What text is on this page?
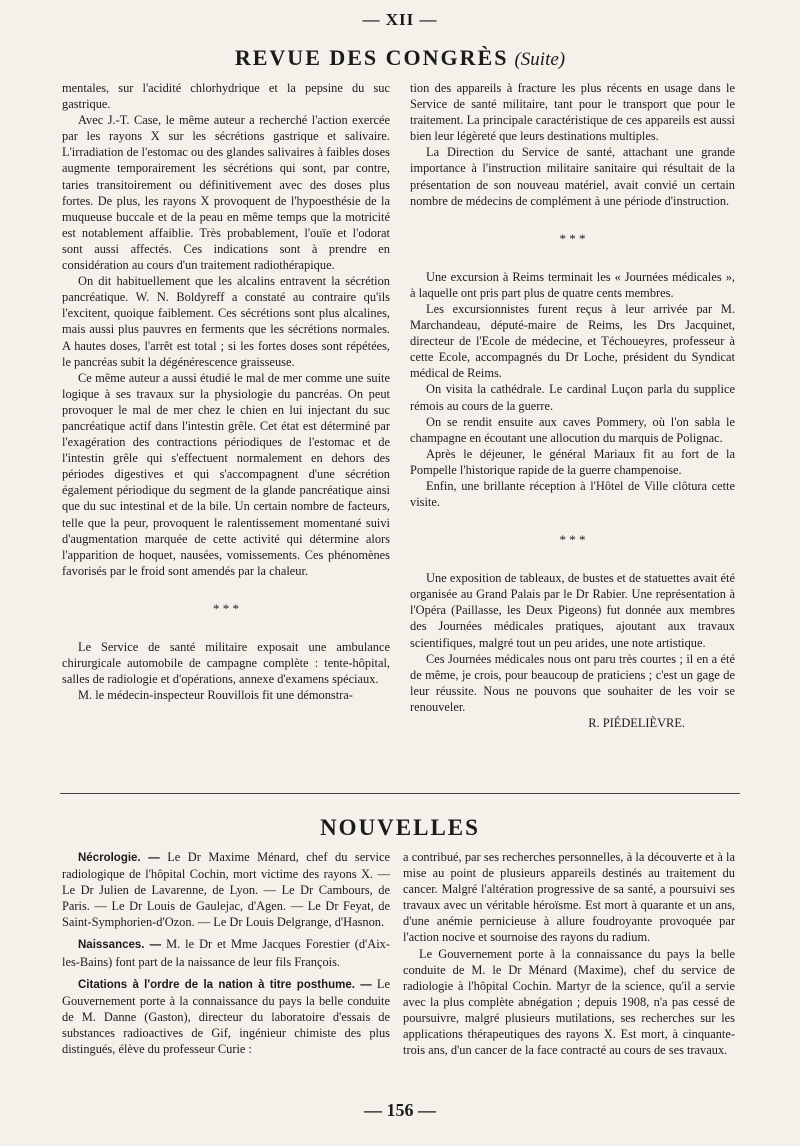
— XII —
REVUE DES CONGRÈS (Suite)

mentales, sur l'acidité chlorhydrique et la pepsine du suc gastrique.

Avec J.-T. Case, le même auteur a recherché l'action exercée par les rayons X sur les sécrétions gastrique et salivaire. L'irradiation de l'estomac ou des glandes salivaires à faibles doses augmente temporairement les sécrétions qui sont, par contre, taries transitoirement ou définitivement avec des doses plus fortes. De plus, les rayons X provoquent de l'hypoesthésie de la muqueuse buccale et de la peau en même temps que la motricité est notablement affaiblie. Très probablement, l'ouïe et l'odorat sont aussi affectés. Ces indications sont à prendre en considération au cours d'un traitement radiothérapique.

On dit habituellement que les alcalins entravent la sécrétion pancréatique. W. N. Boldyreff a constaté au contraire qu'ils l'excitent, quoique faiblement. Ces sécrétions sont plus alcalines, mais aussi plus pauvres en ferments que les sécrétions normales. A hautes doses, l'arrêt est total ; si les fortes doses sont répétées, le pancréas subit la dégénérescence graisseuse.

Ce même auteur a aussi étudié le mal de mer comme une suite logique à ses travaux sur la physiologie du pancréas. On peut provoquer le mal de mer chez le chien en lui injectant du suc pancréatique actif dans l'intestin grêle. Cet état est déterminé par l'exagération des contractions périodiques de l'estomac et de l'intestin grêle qui s'effectuent normalement en dehors des périodes digestives et qui s'accompagnent d'une sécrétion également périodique du segment de la glande pancréatique ainsi que du suc intestinal et de la bile. Un certain nombre de facteurs, telle que la peur, provoquent le ralentissement momentané suivi d'augmentation marquée de cette activité qui détermine alors l'apparition de hoquet, nausées, vomissements. Ces phénomènes favorisés par le froid sont amendés par la chaleur.

* * *

Le Service de santé militaire exposait une ambulance chirurgicale automobile de campagne complète : tente-hôpital, salles de radiologie et d'opérations, annexe d'examens spéciaux.

M. le médecin-inspecteur Rouvillois fit une démonstra-

tion des appareils à fracture les plus récents en usage dans le Service de santé militaire, tant pour le transport que pour le traitement. La principale caractéristique de ces appareils est aussi bien leur légèreté que leurs destinations multiples.

La Direction du Service de santé, attachant une grande importance à l'instruction militaire sanitaire qui résultait de la présentation de son nouveau matériel, avait convié un certain nombre de médecins de complément à une période d'instruction.

* * *

Une excursion à Reims terminait les « Journées médicales », à laquelle ont pris part plus de quatre cents membres.

Les excursionnistes furent reçus à leur arrivée par M. Marchandeau, député-maire de Reims, les Drs Jacquinet, directeur de l'Ecole de médecine, et Téchoueyres, professeur à cette Ecole, accompagnés du Dr Loche, président du Syndicat médical de Reims.

On visita la cathédrale. Le cardinal Luçon parla du supplice rémois au cours de la guerre.

On se rendit ensuite aux caves Pommery, où l'on sabla le champagne en écoutant une allocution du marquis de Polignac.

Après le déjeuner, le général Mariaux fit au fort de la Pompelle l'historique rapide de la guerre champenoise.

Enfin, une brillante réception à l'Hôtel de Ville clôtura cette visite.

* * *

Une exposition de tableaux, de bustes et de statuettes avait été organisée au Grand Palais par le Dr Rabier. Une représentation à l'Opéra (Paillasse, les Deux Pigeons) fut donnée aux membres des Journées médicales pratiques, ajoutant aux travaux scientifiques, malgré tout un peu arides, une note artistique.

Ces Journées médicales nous ont paru très courtes ; il en a été de même, je crois, pour beaucoup de praticiens ; c'est un gage de leur réussite. Nous ne pouvons que souhaiter de les voir se renouveler.

R. PIÉDELIÈVRE.

NOUVELLES

Nécrologie. — Le Dr Maxime Ménard, chef du service radiologique de l'hôpital Cochin, mort victime des rayons X. — Le Dr Julien de Lavarenne, de Lyon. — Le Dr Cambours, de Paris. — Le Dr Louis de Gaulejac, d'Agen. — Le Dr Feyat, de Saint-Symphorien-d'Ozon. — Le Dr Louis Delgrange, d'Hasnon.

Naissances. — M. le Dr et Mme Jacques Forestier (d'Aix-les-Bains) font part de la naissance de leur fils François.

Citations à l'ordre de la nation à titre posthume. — Le Gouvernement porte à la connaissance du pays la belle conduite de M. Danne (Gaston), directeur du laboratoire d'essais de substances radioactives de Gif, ingénieur chimiste des plus distingués, élève du professeur Curie :

a contribué, par ses recherches personnelles, à la découverte et à la mise au point de plusieurs appareils destinés au traitement du cancer. Malgré l'altération progressive de sa santé, a poursuivi ses travaux avec un véritable héroïsme. Est mort à quarante et un ans, d'une anémie pernicieuse à allure foudroyante provoquée par l'action nocive et sournoise des rayons du radium.

Le Gouvernement porte à la connaissance du pays la belle conduite de M. le Dr Ménard (Maxime), chef du service de radiologie à l'hôpital Cochin. Martyr de la science, qu'il a servie avec la plus complète abnégation ; depuis 1908, n'a pas cessé de poursuivre, malgré plusieurs mutilations, ses recherches sur les applications thérapeutiques des rayons X. Est mort, à cinquante-trois ans, d'un cancer de la face contracté au cours de ses travaux.

— 156 —
